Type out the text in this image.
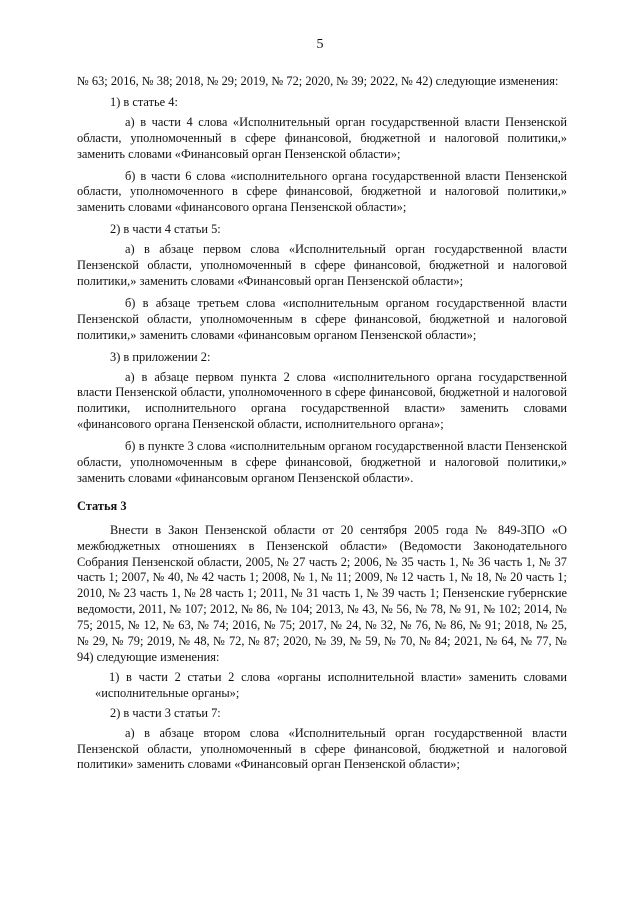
5

№ 63; 2016, № 38; 2018, № 29; 2019, № 72; 2020, № 39; 2022, № 42) следующие изменения:

1) в статье 4:

а) в части 4 слова «Исполнительный орган государственной власти Пензенской области, уполномоченный в сфере финансовой, бюджетной и налоговой политики,» заменить словами «Финансовый орган Пензенской области»;

б) в части 6 слова «исполнительного органа государственной власти Пензенской области, уполномоченного в сфере финансовой, бюджетной и налоговой политики,» заменить словами «финансового органа Пензенской области»;

2) в части 4 статьи 5:

а) в абзаце первом слова «Исполнительный орган государственной власти Пензенской области, уполномоченный в сфере финансовой, бюджетной и налоговой политики,» заменить словами «Финансовый орган Пензенской области»;

б) в абзаце третьем слова «исполнительным органом государственной власти Пензенской области, уполномоченным в сфере финансовой, бюджетной и налоговой политики,» заменить словами «финансовым органом Пензенской области»;

3) в приложении 2:

а) в абзаце первом пункта 2 слова «исполнительного органа государственной власти Пензенской области, уполномоченного в сфере финансовой, бюджетной и налоговой политики, исполнительного органа государственной власти» заменить словами «финансового органа Пензенской области, исполнительного органа»;

б) в пункте 3 слова «исполнительным органом государственной власти Пензенской области, уполномоченным в сфере финансовой, бюджетной и налоговой политики,» заменить словами «финансовым органом Пензенской области».

Статья 3

Внести в Закон Пензенской области от 20 сентября 2005 года № 849-ЗПО «О межбюджетных отношениях в Пензенской области» (Ведомости Законодательного Собрания Пензенской области, 2005, № 27 часть 2; 2006, № 35 часть 1, № 36 часть 1, № 37 часть 1; 2007, № 40, № 42 часть 1; 2008, № 1, № 11; 2009, № 12 часть 1, № 18, № 20 часть 1; 2010, № 23 часть 1, № 28 часть 1; 2011, № 31 часть 1, № 39 часть 1; Пензенские губернские ведомости, 2011, № 107; 2012, № 86, № 104; 2013, № 43, № 56, № 78, № 91, № 102; 2014, № 75; 2015, № 12, № 63, № 74; 2016, № 75; 2017, № 24, № 32, № 76, № 86, № 91; 2018, № 25, № 29, № 79; 2019, № 48, № 72, № 87; 2020, № 39, № 59, № 70, № 84; 2021, № 64, № 77, № 94) следующие изменения:

1) в части 2 статьи 2 слова «органы исполнительной власти» заменить словами «исполнительные органы»;

2) в части 3 статьи 7:

а) в абзаце втором слова «Исполнительный орган государственной власти Пензенской области, уполномоченный в сфере финансовой, бюджетной и налоговой политики» заменить словами «Финансовый орган Пензенской области»;
